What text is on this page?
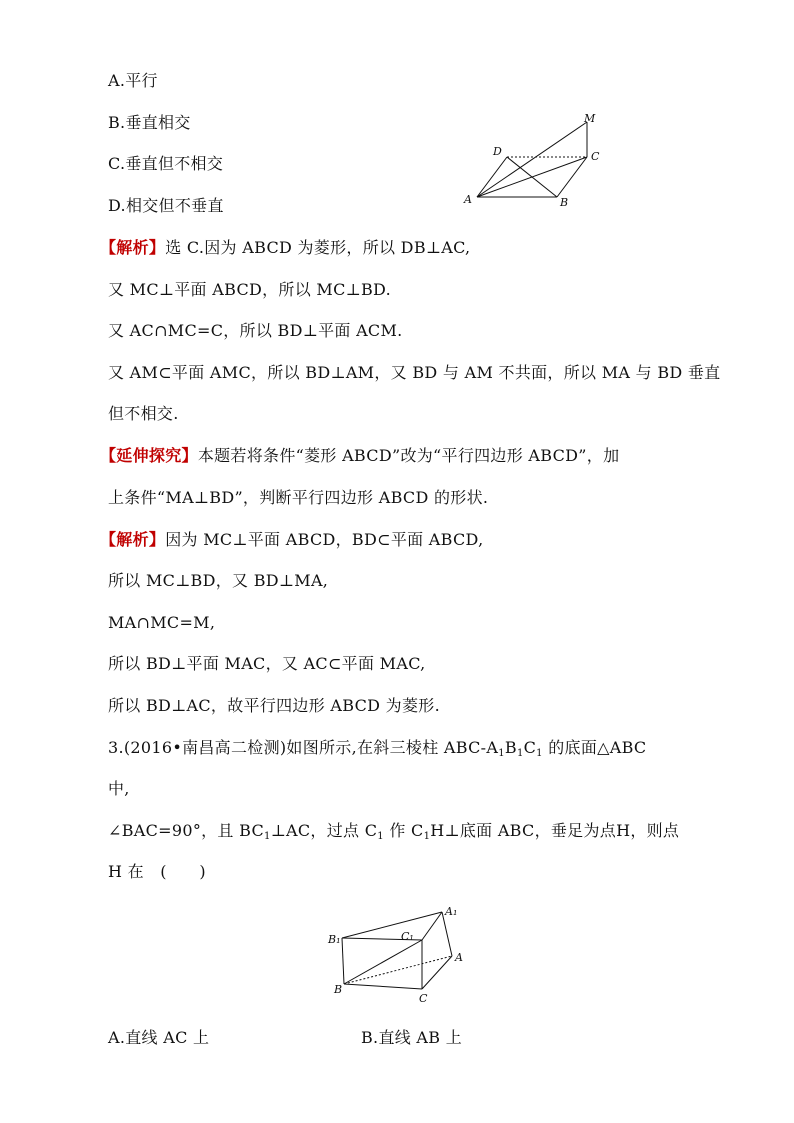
A.平行
B.垂直相交
C.垂直但不相交
D.相交但不垂直
M
D	C
A	B
【解析】选 C.因为 ABCD 为菱形，所以 DB⊥AC,
又 MC⊥平面 ABCD，所以 MC⊥BD.
又 AC∩MC=C，所以 BD⊥平面 ACM.
又 AM⊂平面 AMC，所以 BD⊥AM，又 BD 与 AM 不共面，所以 MA 与 BD 垂直
但不相交.
【延伸探究】本题若将条件“菱形 ABCD”改为“平行四边形 ABCD”，加
上条件“MA⊥BD”，判断平行四边形 ABCD 的形状.
【解析】因为 MC⊥平面 ABCD，BD⊂平面 ABCD,
所以 MC⊥BD，又 BD⊥MA,
MA∩MC=M,
所以 BD⊥平面 MAC，又 AC⊂平面 MAC,
所以 BD⊥AC，故平行四边形 ABCD 为菱形.
3.(2016•南昌高二检测)如图所示,在斜三棱柱 ABC-$A_1B_1C_1$ 的底面△ABC
中,
∠BAC=90°，且 $BC_1\perp AC$，过点 $C_1$ 作 $C_1H\perp$底面 ABC，垂足为点H，则点
H 在　(　　)
A₁
B₁	C₁
A
B
C
A.直线 AC 上	B.直线 AB 上
